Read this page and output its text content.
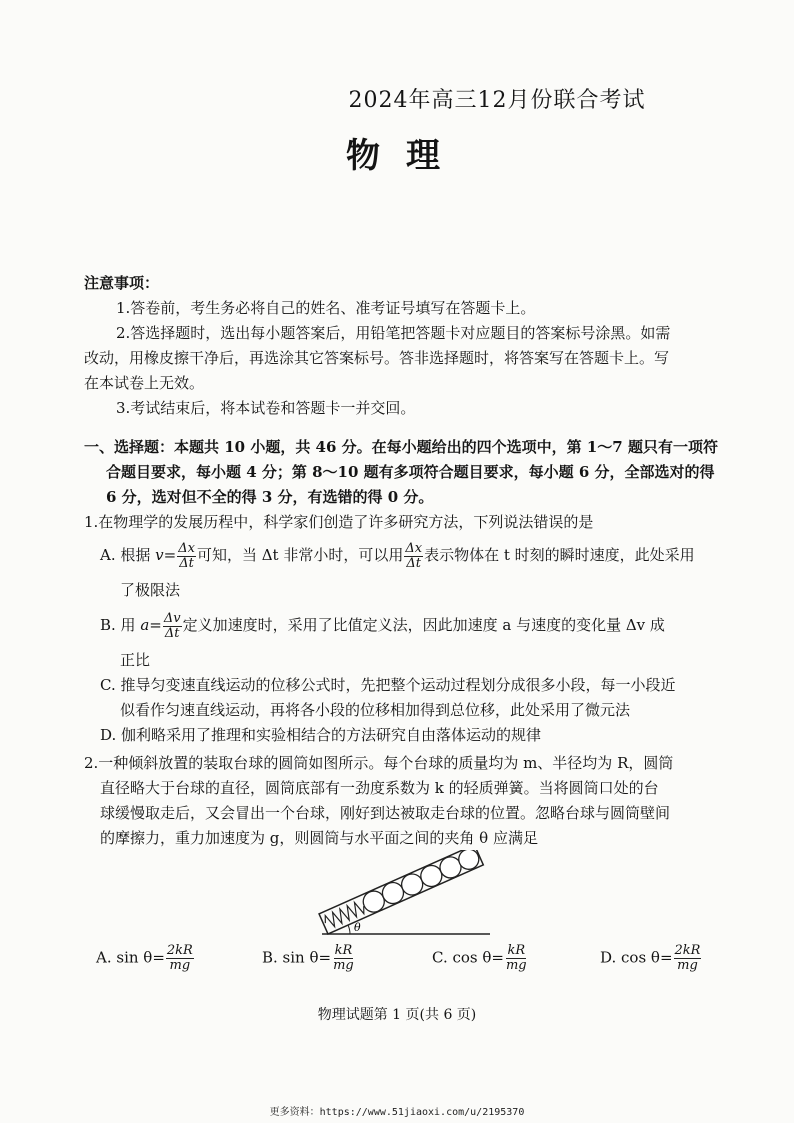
2024年高三12月份联合考试
物理
注意事项：
1.答卷前，考生务必将自己的姓名、准考证号填写在答题卡上。
2.答选择题时，选出每小题答案后，用铅笔把答题卡对应题目的答案标号涂黑。如需
改动，用橡皮擦干净后，再选涂其它答案标号。答非选择题时，将答案写在答题卡上。写
在本试卷上无效。
3.考试结束后，将本试卷和答题卡一并交回。
一、选择题：本题共 10 小题，共 46 分。在每小题给出的四个选项中，第 1～7 题只有一项符
合题目要求，每小题 4 分；第 8～10 题有多项符合题目要求，每小题 6 分，全部选对的得
6 分，选对但不全的得 3 分，有选错的得 0 分。
1.在物理学的发展历程中，科学家们创造了许多研究方法，下列说法错误的是
A. 根据 $v= \frac{\Delta x}{\Delta t}$ 可知，当 Δt 非常小时，可以用 $\frac{\Delta x}{\Delta t}$ 表示物体在 t 时刻的瞬时速度，此处采用
了极限法
B. 用 $a= \frac{\Delta v}{\Delta t}$ 定义加速度时，采用了比值定义法，因此加速度 a 与速度的变化量 Δv 成
正比
C. 推导匀变速直线运动的位移公式时，先把整个运动过程划分成很多小段，每一小段近
似看作匀速直线运动，再将各小段的位移相加得到总位移，此处采用了微元法
D. 伽利略采用了推理和实验相结合的方法研究自由落体运动的规律
2.一种倾斜放置的装取台球的圆筒如图所示。每个台球的质量均为 m、半径均为 R，圆筒
直径略大于台球的直径，圆筒底部有一劲度系数为 k 的轻质弹簧。当将圆筒口处的台
球缓慢取走后，又会冒出一个台球，刚好到达被取走台球的位置。忽略台球与圆筒壁间
的摩擦力，重力加速度为 g，则圆筒与水平面之间的夹角 θ 应满足
θ
A. $\sin \theta= \frac{2kR}{mg}$	B. $\sin \theta= \frac{kR}{mg}$	C. $\cos \theta= \frac{kR}{mg}$	D. $\cos \theta= \frac{2kR}{mg}$
物理试题第 1 页(共 6 页)
更多资料：https://www.51jiaoxi.com/u/2195370
